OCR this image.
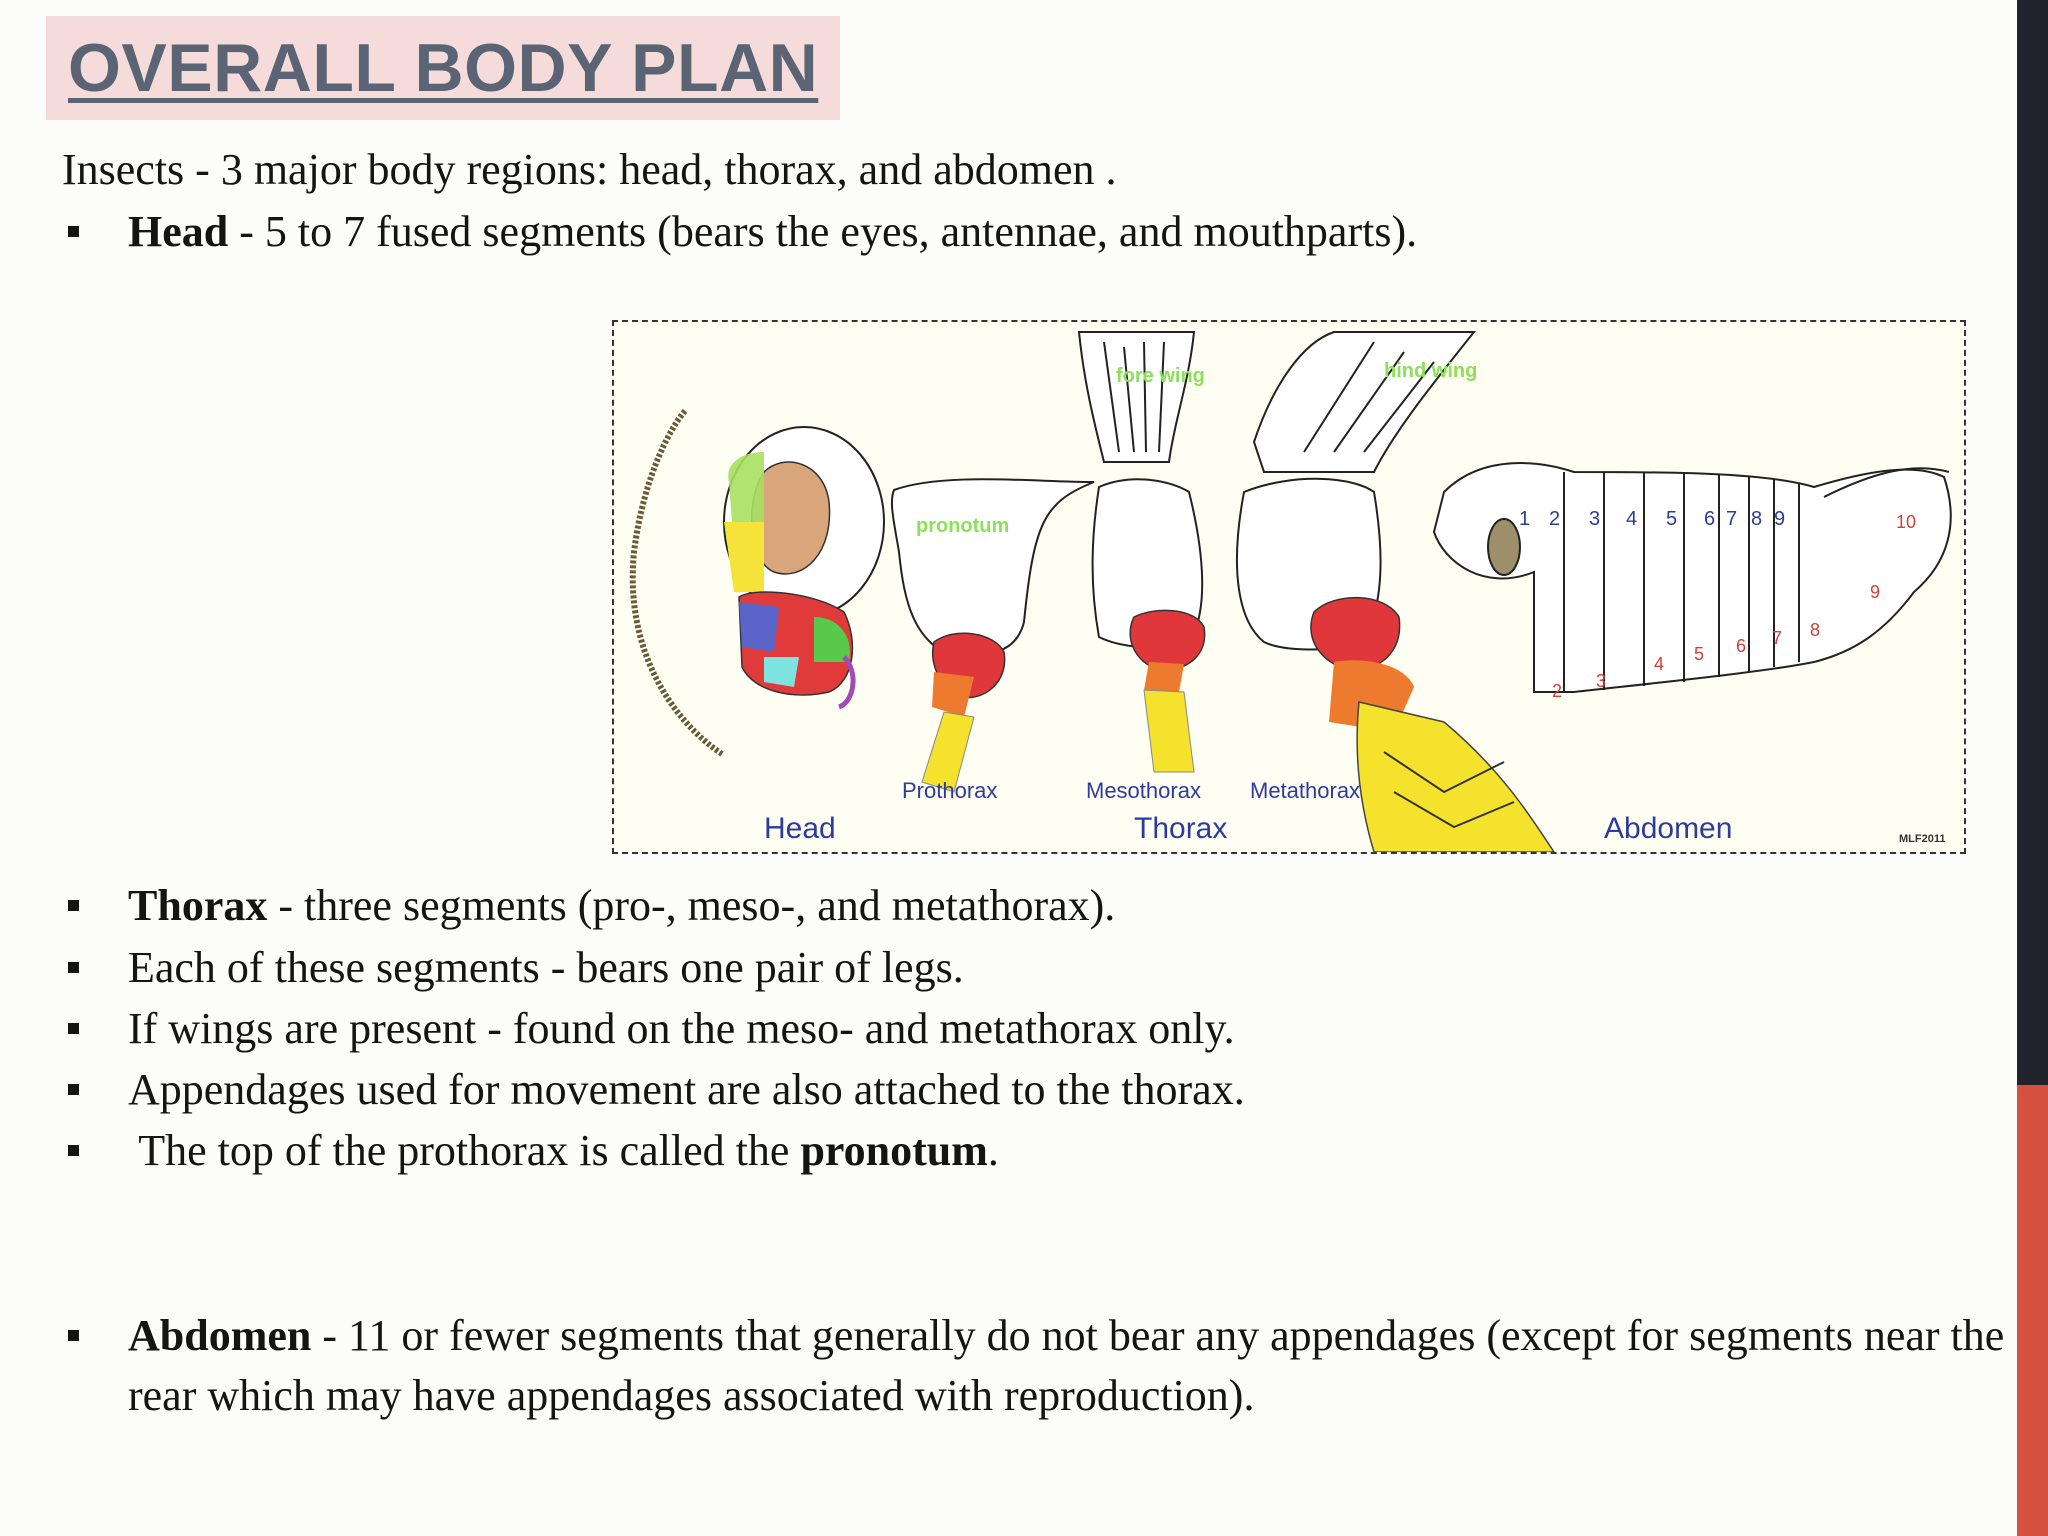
OVERALL BODY PLAN

Insects - 3 major body regions: head, thorax, and abdomen .

Head - 5 to 7 fused segments (bears the eyes, antennae, and mouthparts).
fore wing	hind wing
pronotum
Prothorax	Mesothorax Metathorax
Head	Thorax	Abdomen	MLF2011
1 2 3 4 5 6 7 8 9	10
2 3
4 5 6 7 8
9
Thorax - three segments (pro-, meso-, and metathorax).
Each of these segments - bears one pair of legs.
If wings are present - found on the meso- and metathorax only.
Appendages used for movement are also attached to the thorax.
The top of the prothorax is called the pronotum.
Abdomen - 11 or fewer segments that generally do not bear any appendages (except for segments near the rear which may have appendages associated with reproduction).
